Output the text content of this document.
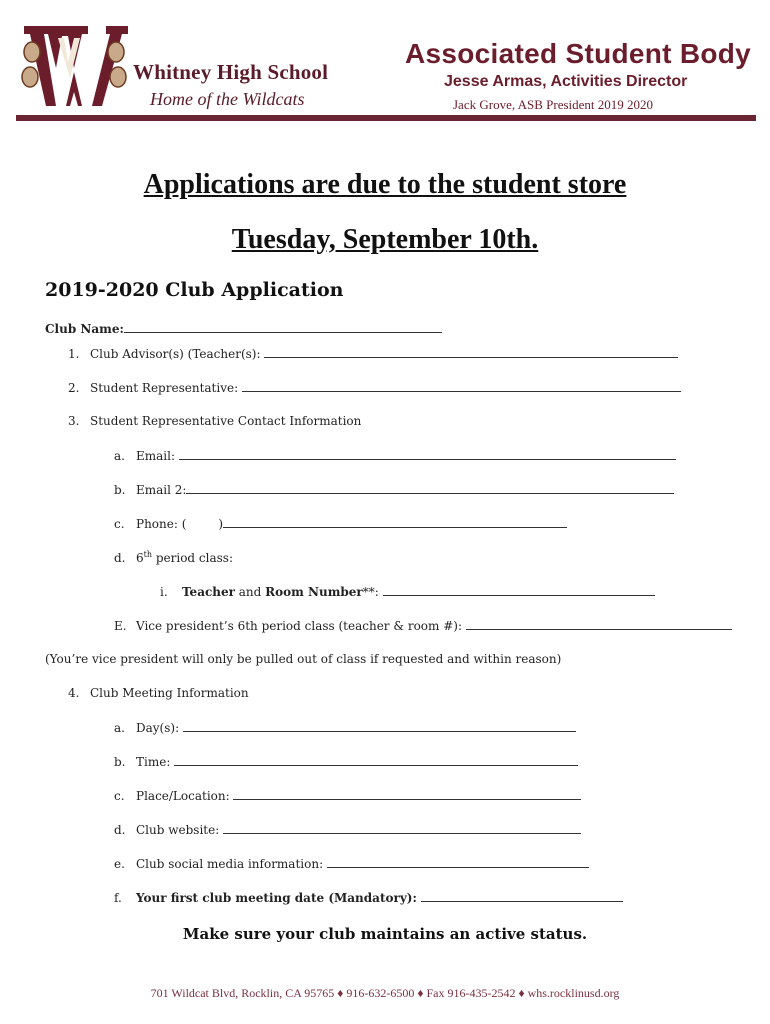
Whitney High School
Home of the Wildcats
Associated Student Body
Jesse Armas, Activities Director
Jack Grove, ASB President 2019 2020
Applications are due to the student store
Tuesday, September 10th.
2019-2020 Club Application
Club Name:
1. Club Advisor(s) (Teacher(s):
2. Student Representative:
3. Student Representative Contact Information
a. Email:
b. Email 2:
c. Phone: (	)
d. 6th period class:
i. Teacher and Room Number**:
E. Vice president’s 6th period class (teacher & room #):
(You’re vice president will only be pulled out of class if requested and within reason)
4. Club Meeting Information
a. Day(s):
b. Time:
c. Place/Location:
d. Club website:
e. Club social media information:
f. Your first club meeting date (Mandatory):
Make sure your club maintains an active status.
701 Wildcat Blvd, Rocklin, CA 95765 ♦ 916-632-6500 ♦ Fax 916-435-2542 ♦ whs.rocklinusd.org
